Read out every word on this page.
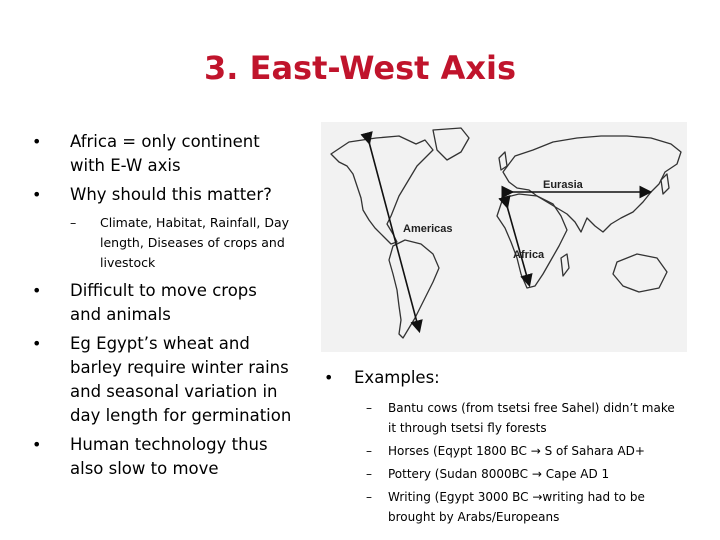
3. East-West Axis
• Africa = only continent with E-W axis
• Why should this matter?
– Climate, Habitat, Rainfall, Day length, Diseases of crops and livestock
• Difficult to move crops and animals
• Eg Egypt’s wheat and barley require winter rains and seasonal variation in day length for germination
• Human technology thus also slow to move
Eurasia
Americas
Africa
• Examples:
– Bantu cows (from tsetsi free Sahel) didn’t make it through tsetsi fly forests
– Horses (Eqypt 1800 BC → S of Sahara AD+
– Pottery (Sudan 8000BC → Cape AD 1
– Writing (Egypt 3000 BC →writing had to be brought by Arabs/Europeans
